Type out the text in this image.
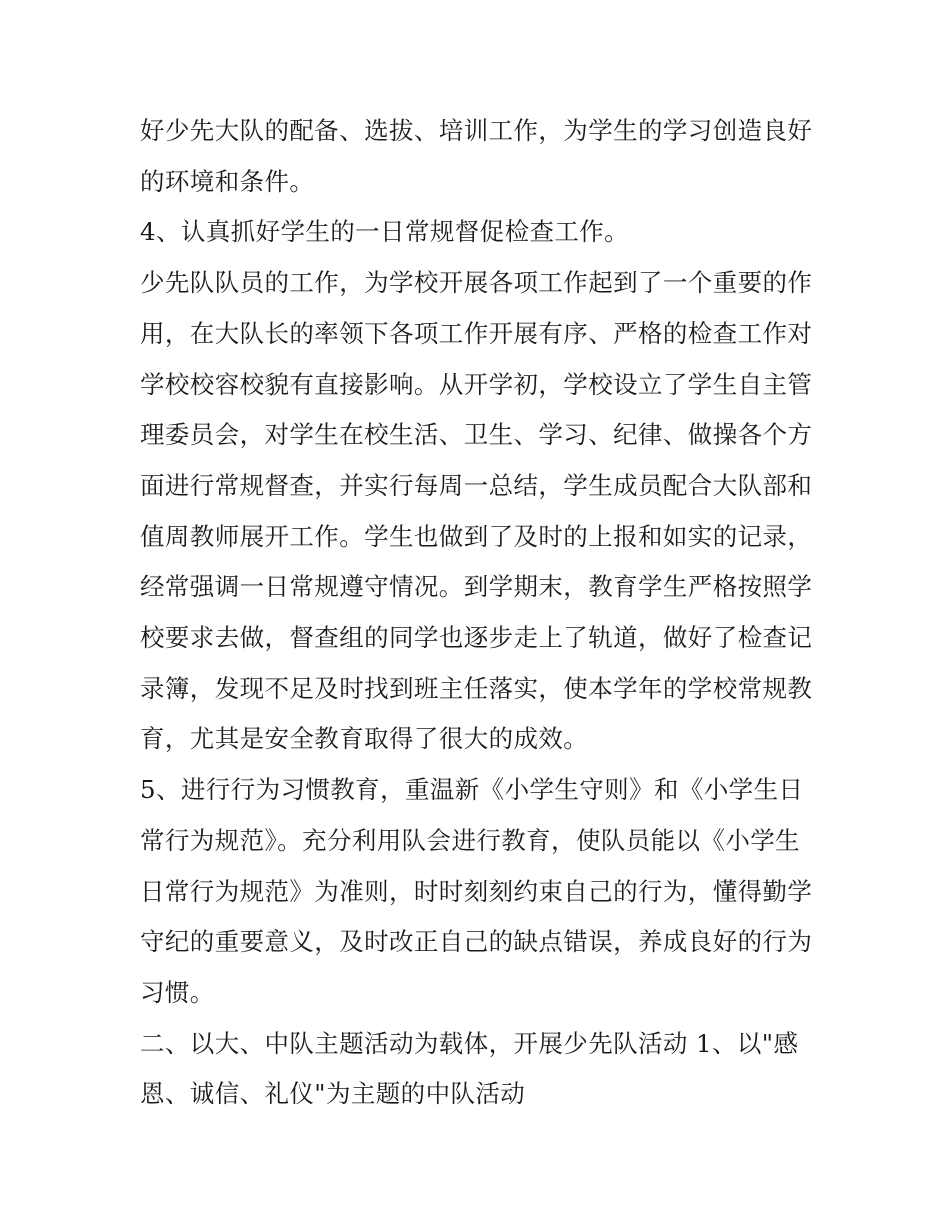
好少先大队的配备、选拔、培训工作，为学生的学习创造良好的环境和条件。

4、认真抓好学生的一日常规督促检查工作。

少先队队员的工作，为学校开展各项工作起到了一个重要的作用，在大队长的率领下各项工作开展有序、严格的检查工作对学校校容校貌有直接影响。从开学初，学校设立了学生自主管理委员会，对学生在校生活、卫生、学习、纪律、做操各个方面进行常规督查，并实行每周一总结，学生成员配合大队部和值周教师展开工作。学生也做到了及时的上报和如实的记录，经常强调一日常规遵守情况。到学期末，教育学生严格按照学校要求去做，督查组的同学也逐步走上了轨道，做好了检查记录簿，发现不足及时找到班主任落实，使本学年的学校常规教育，尤其是安全教育取得了很大的成效。

5、进行行为习惯教育，重温新《小学生守则》和《小学生日常行为规范》。充分利用队会进行教育，使队员能以《小学生日常行为规范》为准则，时时刻刻约束自己的行为，懂得勤学守纪的重要意义，及时改正自己的缺点错误，养成良好的行为习惯。

二、以大、中队主题活动为载体，开展少先队活动 1、以"感恩、诚信、礼仪"为主题的中队活动
